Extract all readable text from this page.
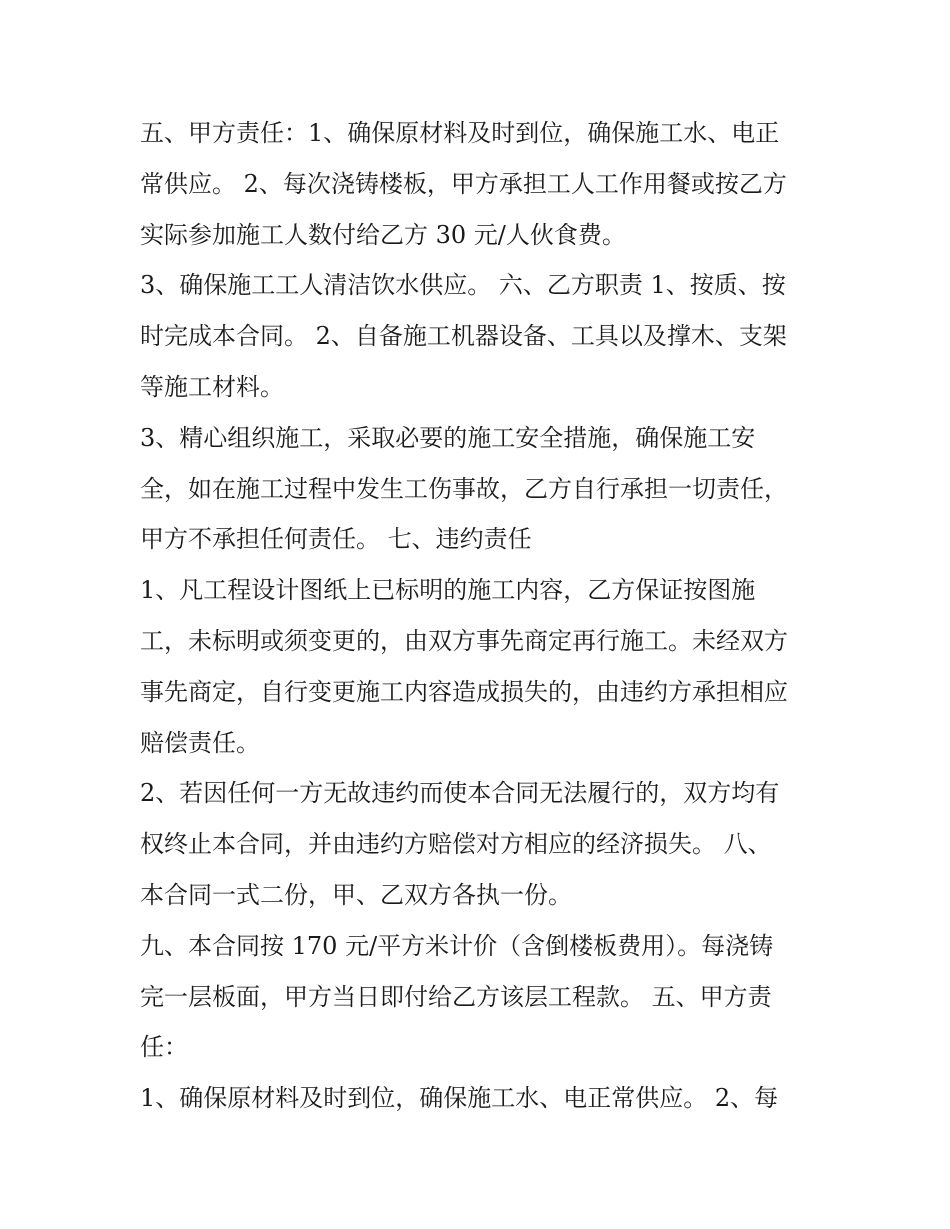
五、甲方责任：1、确保原材料及时到位，确保施工水、电正
常供应。 2、每次浇铸楼板，甲方承担工人工作用餐或按乙方
实际参加施工人数付给乙方 30 元/人伙食费。
3、确保施工工人清洁饮水供应。 六、乙方职责 1、按质、按
时完成本合同。 2、自备施工机器设备、工具以及撑木、支架
等施工材料。
3、精心组织施工，采取必要的施工安全措施，确保施工安
全，如在施工过程中发生工伤事故，乙方自行承担一切责任，
甲方不承担任何责任。 七、违约责任
1、凡工程设计图纸上已标明的施工内容，乙方保证按图施
工，未标明或须变更的，由双方事先商定再行施工。未经双方
事先商定，自行变更施工内容造成损失的，由违约方承担相应
赔偿责任。
2、若因任何一方无故违约而使本合同无法履行的，双方均有
权终止本合同，并由违约方赔偿对方相应的经济损失。 八、
本合同一式二份，甲、乙双方各执一份。
九、本合同按 170 元/平方米计价（含倒楼板费用）。每浇铸
完一层板面，甲方当日即付给乙方该层工程款。 五、甲方责
任：
1、确保原材料及时到位，确保施工水、电正常供应。 2、每
